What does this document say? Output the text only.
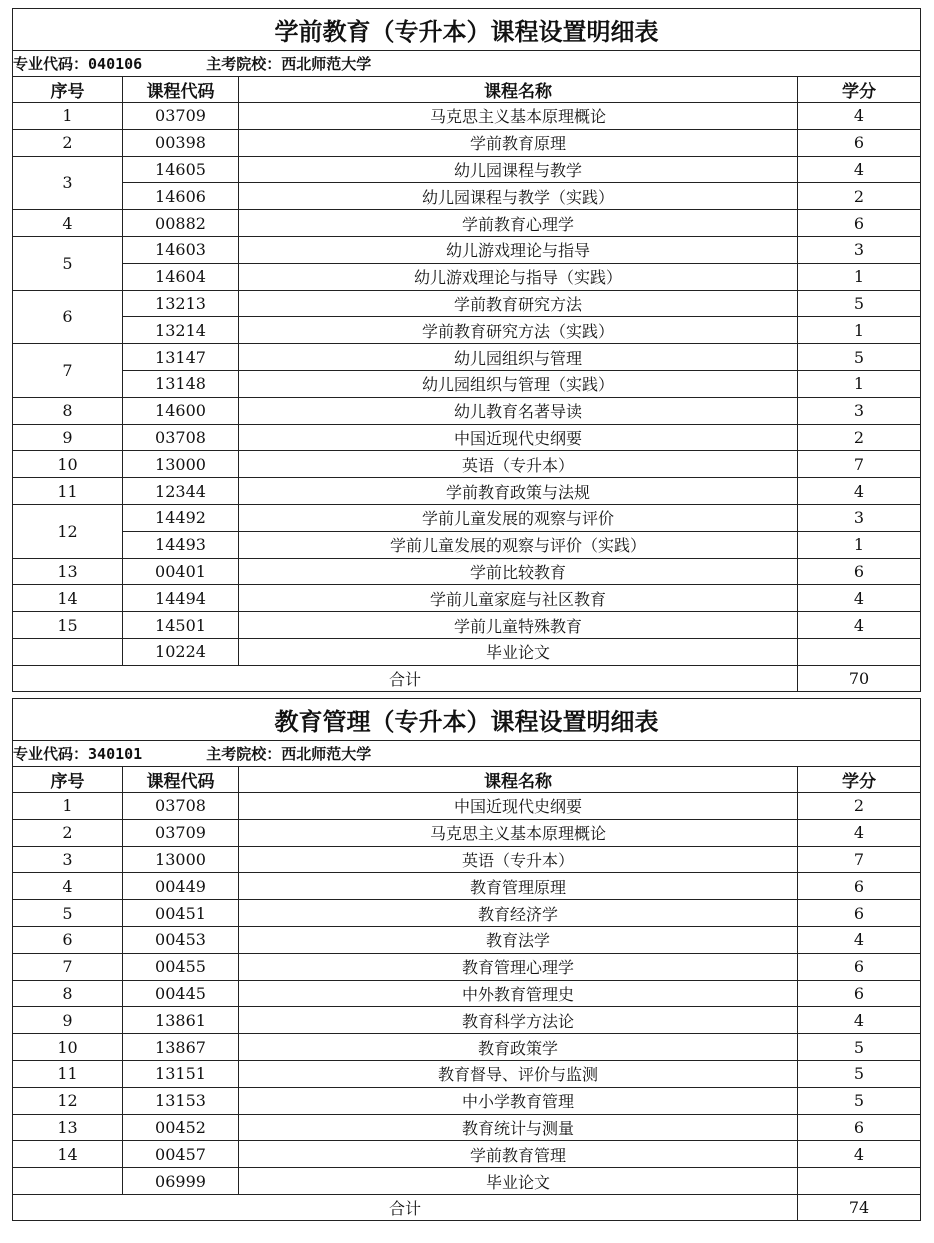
学前教育（专升本）课程设置明细表			
专业代码：040106 主考院校：西北师范大学			
序号	课程代码	课程名称	学分
1	03709	马克思主义基本原理概论	4
2	00398	学前教育原理	6
3	14605	幼儿园课程与教学	4
	14606	幼儿园课程与教学（实践）	2
4	00882	学前教育心理学	6
5	14603	幼儿游戏理论与指导	3
	14604	幼儿游戏理论与指导（实践）	1
6	13213	学前教育研究方法	5
	13214	学前教育研究方法（实践）	1
7	13147	幼儿园组织与管理	5
	13148	幼儿园组织与管理（实践）	1
8	14600	幼儿教育名著导读	3
9	03708	中国近现代史纲要	2
10	13000	英语（专升本）	7
11	12344	学前教育政策与法规	4
12	14492	学前儿童发展的观察与评价	3
	14493	学前儿童发展的观察与评价（实践）	1
13	00401	学前比较教育	6
14	14494	学前儿童家庭与社区教育	4
15	14501	学前儿童特殊教育	4
	10224	毕业论文	
合计			70
教育管理（专升本）课程设置明细表			
专业代码：340101 主考院校：西北师范大学			
序号	课程代码	课程名称	学分
1	03708	中国近现代史纲要	2
2	03709	马克思主义基本原理概论	4
3	13000	英语（专升本）	7
4	00449	教育管理原理	6
5	00451	教育经济学	6
6	00453	教育法学	4
7	00455	教育管理心理学	6
8	00445	中外教育管理史	6
9	13861	教育科学方法论	4
10	13867	教育政策学	5
11	13151	教育督导、评价与监测	5
12	13153	中小学教育管理	5
13	00452	教育统计与测量	6
14	00457	学前教育管理	4
	06999	毕业论文	
合计			74
